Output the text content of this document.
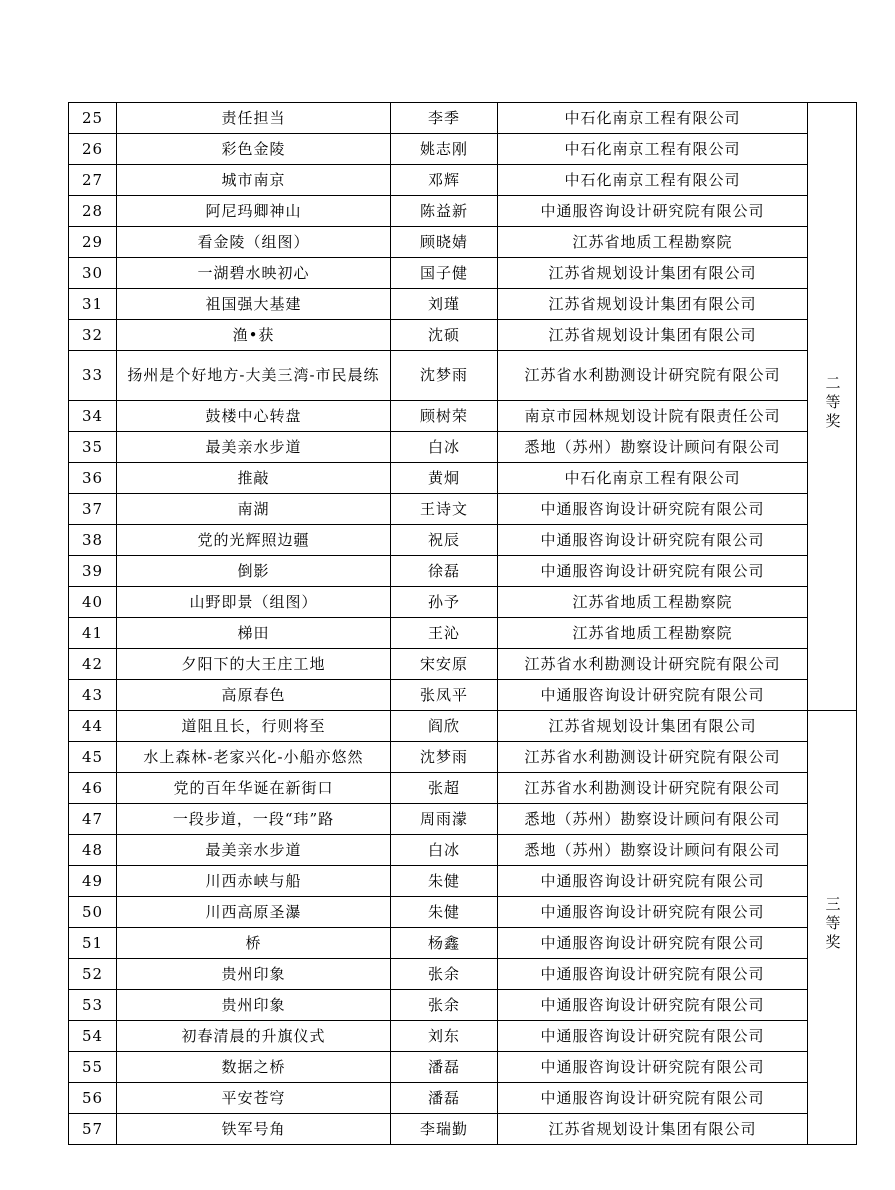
25	责任担当	李季	中石化南京工程有限公司	二等奖
26	彩色金陵	姚志刚	中石化南京工程有限公司	
27	城市南京	邓辉	中石化南京工程有限公司	
28	阿尼玛卿神山	陈益新	中通服咨询设计研究院有限公司	
29	看金陵（组图）	顾晓婧	江苏省地质工程勘察院	
30	一湖碧水映初心	国子健	江苏省规划设计集团有限公司	
31	祖国强大基建	刘瑾	江苏省规划设计集团有限公司	
32	渔•获	沈硕	江苏省规划设计集团有限公司	
33	扬州是个好地方-大美三湾-市民晨练	沈梦雨	江苏省水利勘测设计研究院有限公司	
34	鼓楼中心转盘	顾树荣	南京市园林规划设计院有限责任公司	
35	最美亲水步道	白冰	悉地（苏州）勘察设计顾问有限公司	
36	推敲	黄炯	中石化南京工程有限公司	
37	南湖	王诗文	中通服咨询设计研究院有限公司	
38	党的光辉照边疆	祝辰	中通服咨询设计研究院有限公司	
39	倒影	徐磊	中通服咨询设计研究院有限公司	
40	山野即景（组图）	孙予	江苏省地质工程勘察院	
41	梯田	王沁	江苏省地质工程勘察院	
42	夕阳下的大王庄工地	宋安原	江苏省水利勘测设计研究院有限公司	
43	高原春色	张凤平	中通服咨询设计研究院有限公司	
44	道阻且长，行则将至	阎欣	江苏省规划设计集团有限公司	三等奖
45	水上森林-老家兴化-小船亦悠然	沈梦雨	江苏省水利勘测设计研究院有限公司	
46	党的百年华诞在新街口	张超	江苏省水利勘测设计研究院有限公司	
47	一段步道，一段“玮”路	周雨濛	悉地（苏州）勘察设计顾问有限公司	
48	最美亲水步道	白冰	悉地（苏州）勘察设计顾问有限公司	
49	川西赤峡与船	朱健	中通服咨询设计研究院有限公司	
50	川西高原圣瀑	朱健	中通服咨询设计研究院有限公司	
51	桥	杨鑫	中通服咨询设计研究院有限公司	
52	贵州印象	张余	中通服咨询设计研究院有限公司	
53	贵州印象	张余	中通服咨询设计研究院有限公司	
54	初春清晨的升旗仪式	刘东	中通服咨询设计研究院有限公司	
55	数据之桥	潘磊	中通服咨询设计研究院有限公司	
56	平安苍穹	潘磊	中通服咨询设计研究院有限公司	
57	铁军号角	李瑞勤	江苏省规划设计集团有限公司	
